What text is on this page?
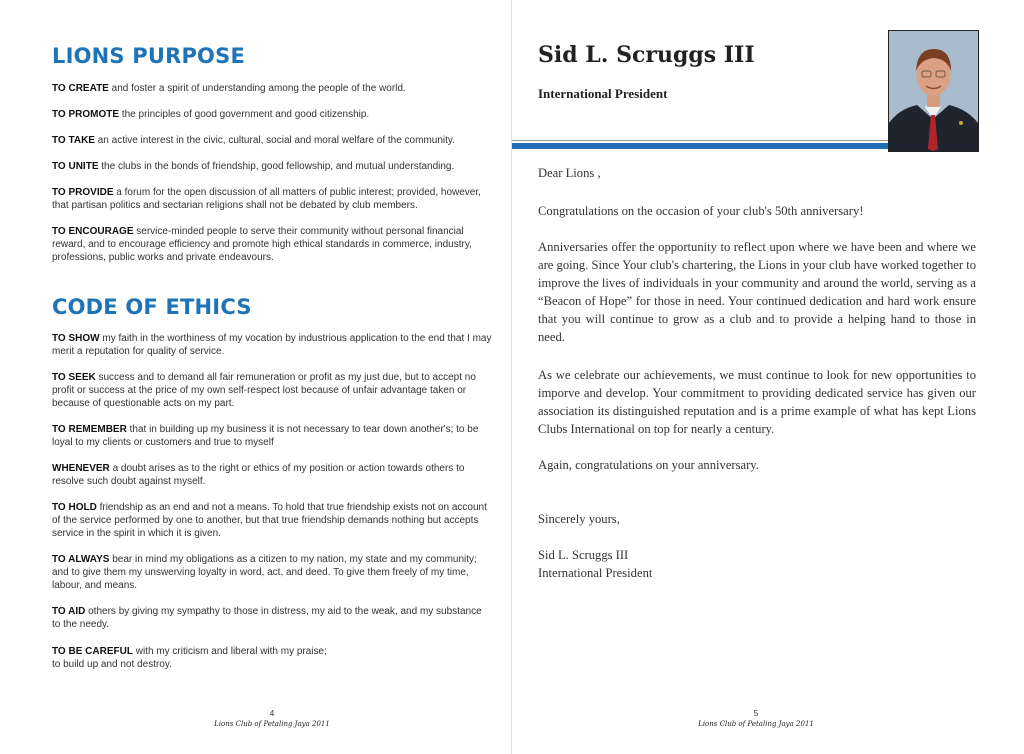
LIONS PURPOSE

TO CREATE and foster a spirit of understanding among the people of the world.

TO PROMOTE the principles of good government and good citizenship.

TO TAKE an active interest in the civic, cultural, social and moral welfare of the community.

TO UNITE the clubs in the bonds of friendship, good fellowship, and mutual understanding.

TO PROVIDE a forum for the open discussion of all matters of public interest; provided, however, that partisan politics and sectarian religions shall not be debated by club members.

TO ENCOURAGE service-minded people to serve their community without personal financial reward, and to encourage efficiency and promote high ethical standards in commerce, industry, professions, public works and private endeavours.

CODE OF ETHICS

TO SHOW my faith in the worthiness of my vocation by industrious application to the end that I may merit a reputation for quality of service.

TO SEEK success and to demand all fair remuneration or profit as my just due, but to accept no profit or success at the price of my own self-respect lost because of unfair advantage taken or because of questionable acts on my part.

TO REMEMBER that in building up my business it is not necessary to tear down another's; to be loyal to my clients or customers and true to myself

WHENEVER a doubt arises as to the right or ethics of my position or action towards others to resolve such doubt against myself.

TO HOLD friendship as an end and not a means. To hold that true friendship exists not on account of the service performed by one to another, but that true friendship demands nothing but accepts service in the spirit in which it is given.

TO ALWAYS bear in mind my obligations as a citizen to my nation, my state and my community; and to give them my unswerving loyalty in word, act, and deed. To give them freely of my time, labour, and means.

TO AID others by giving my sympathy to those in distress, my aid to the weak, and my substance to the needy.

TO BE CAREFUL with my criticism and liberal with my praise; to build up and not destroy.

4
Lions Club of Petaling Jaya 2011
Sid L. Scruggs III
International President

Dear Lions ,

Congratulations on the occasion of your club's 50th anniversary!

Anniversaries offer the opportunity to reflect upon where we have been and where we are going. Since Your club's chartering, the Lions in your club have worked together to improve the lives of individuals in your community and around the world, serving as a “Beacon of Hope” for those in need. Your continued dedication and hard work ensure that you will continue to grow as a club and to provide a helping hand to those in need.

As we celebrate our achievements, we must continue to look for new opportunities to imporve and develop. Your commitment to providing dedicated service has given our association its distinguished reputation and is a prime example of what has kept Lions Clubs International on top for nearly a century.

Again, congratulations on your anniversary.

Sincerely yours,

Sid L. Scruggs III

International President

5
Lions Club of Petaling Jaya 2011
